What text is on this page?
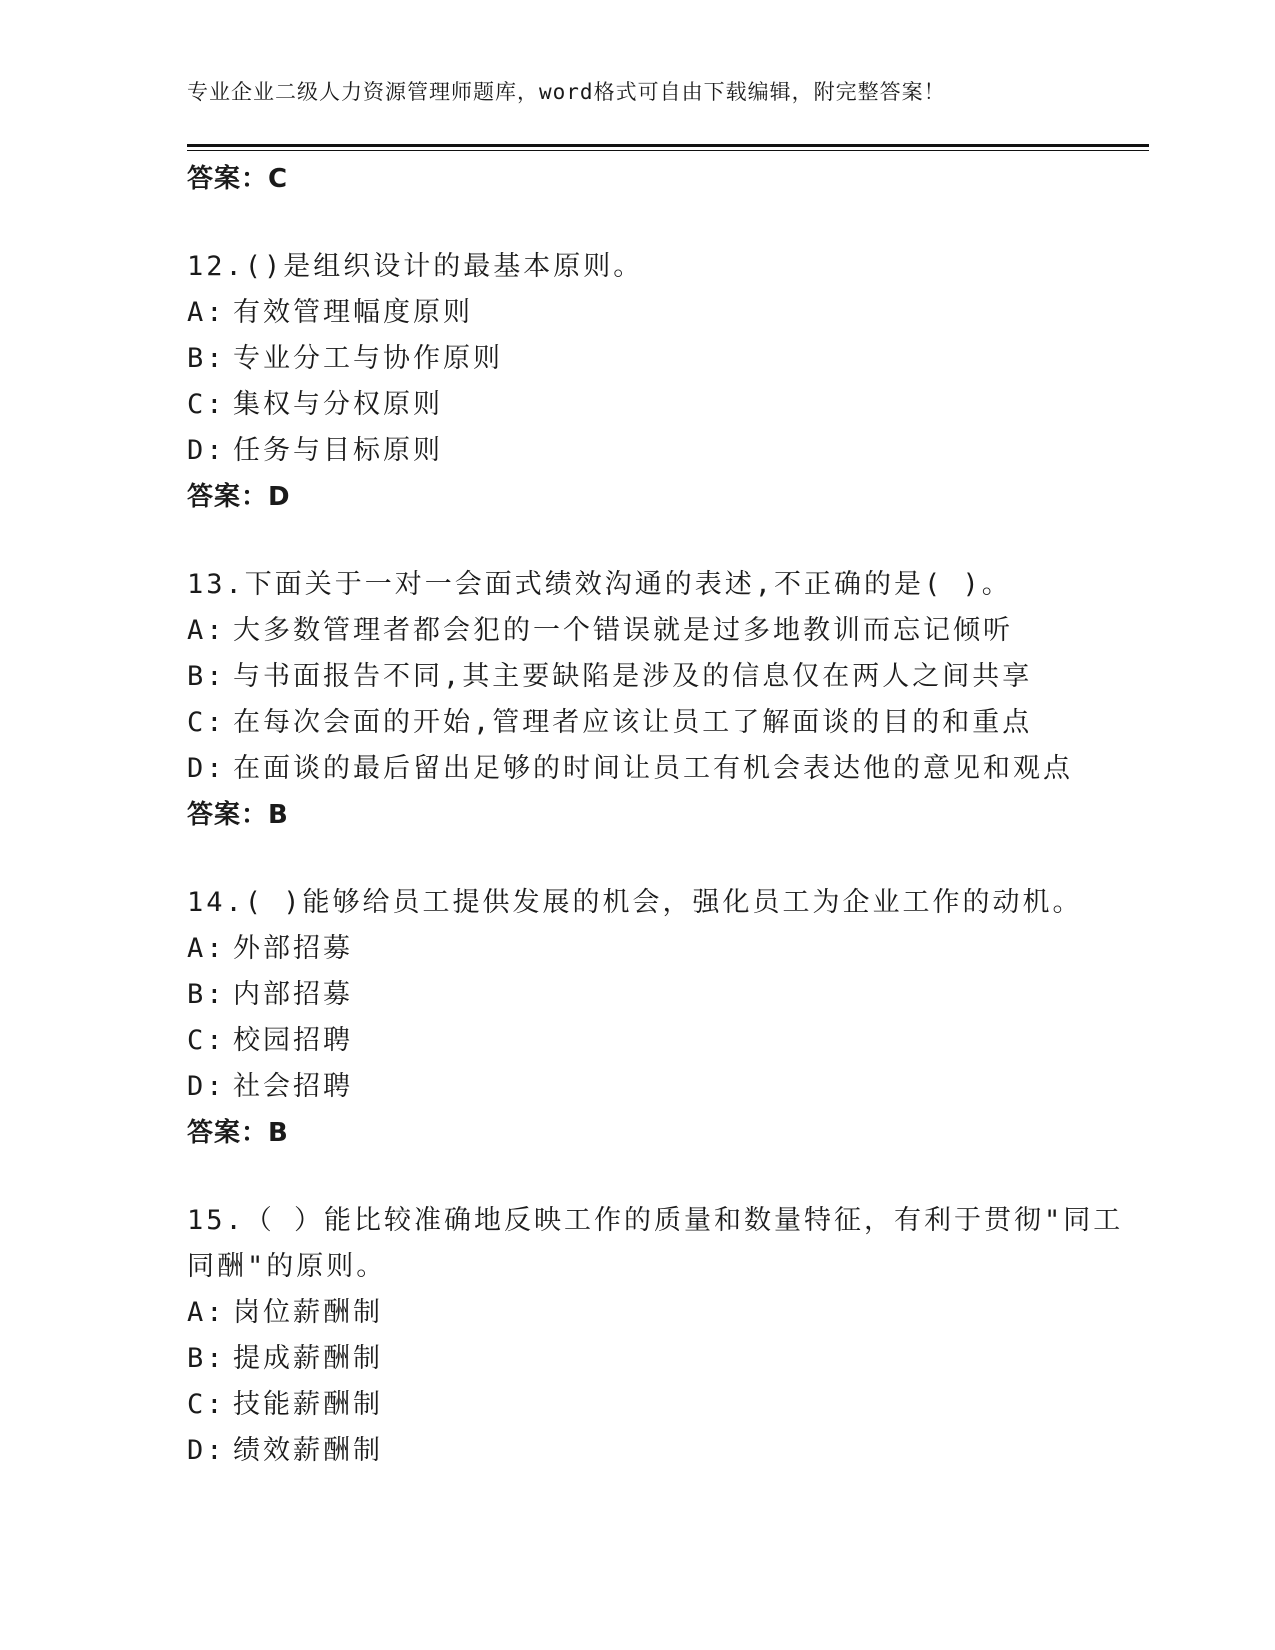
专业企业二级人力资源管理师题库，word格式可自由下载编辑，附完整答案！
答案：C
12.()是组织设计的最基本原则。
A: 有效管理幅度原则
B: 专业分工与协作原则
C: 集权与分权原则
D: 任务与目标原则
答案：D
13.下面关于一对一会面式绩效沟通的表述,不正确的是( )。
A: 大多数管理者都会犯的一个错误就是过多地教训而忘记倾听
B: 与书面报告不同,其主要缺陷是涉及的信息仅在两人之间共享
C: 在每次会面的开始,管理者应该让员工了解面谈的目的和重点
D: 在面谈的最后留出足够的时间让员工有机会表达他的意见和观点
答案：B
14.( )能够给员工提供发展的机会，强化员工为企业工作的动机。
A: 外部招募
B: 内部招募
C: 校园招聘
D: 社会招聘
答案：B
15.（ ）能比较准确地反映工作的质量和数量特征，有利于贯彻"同工同酬"的原则。
A: 岗位薪酬制
B: 提成薪酬制
C: 技能薪酬制
D: 绩效薪酬制
